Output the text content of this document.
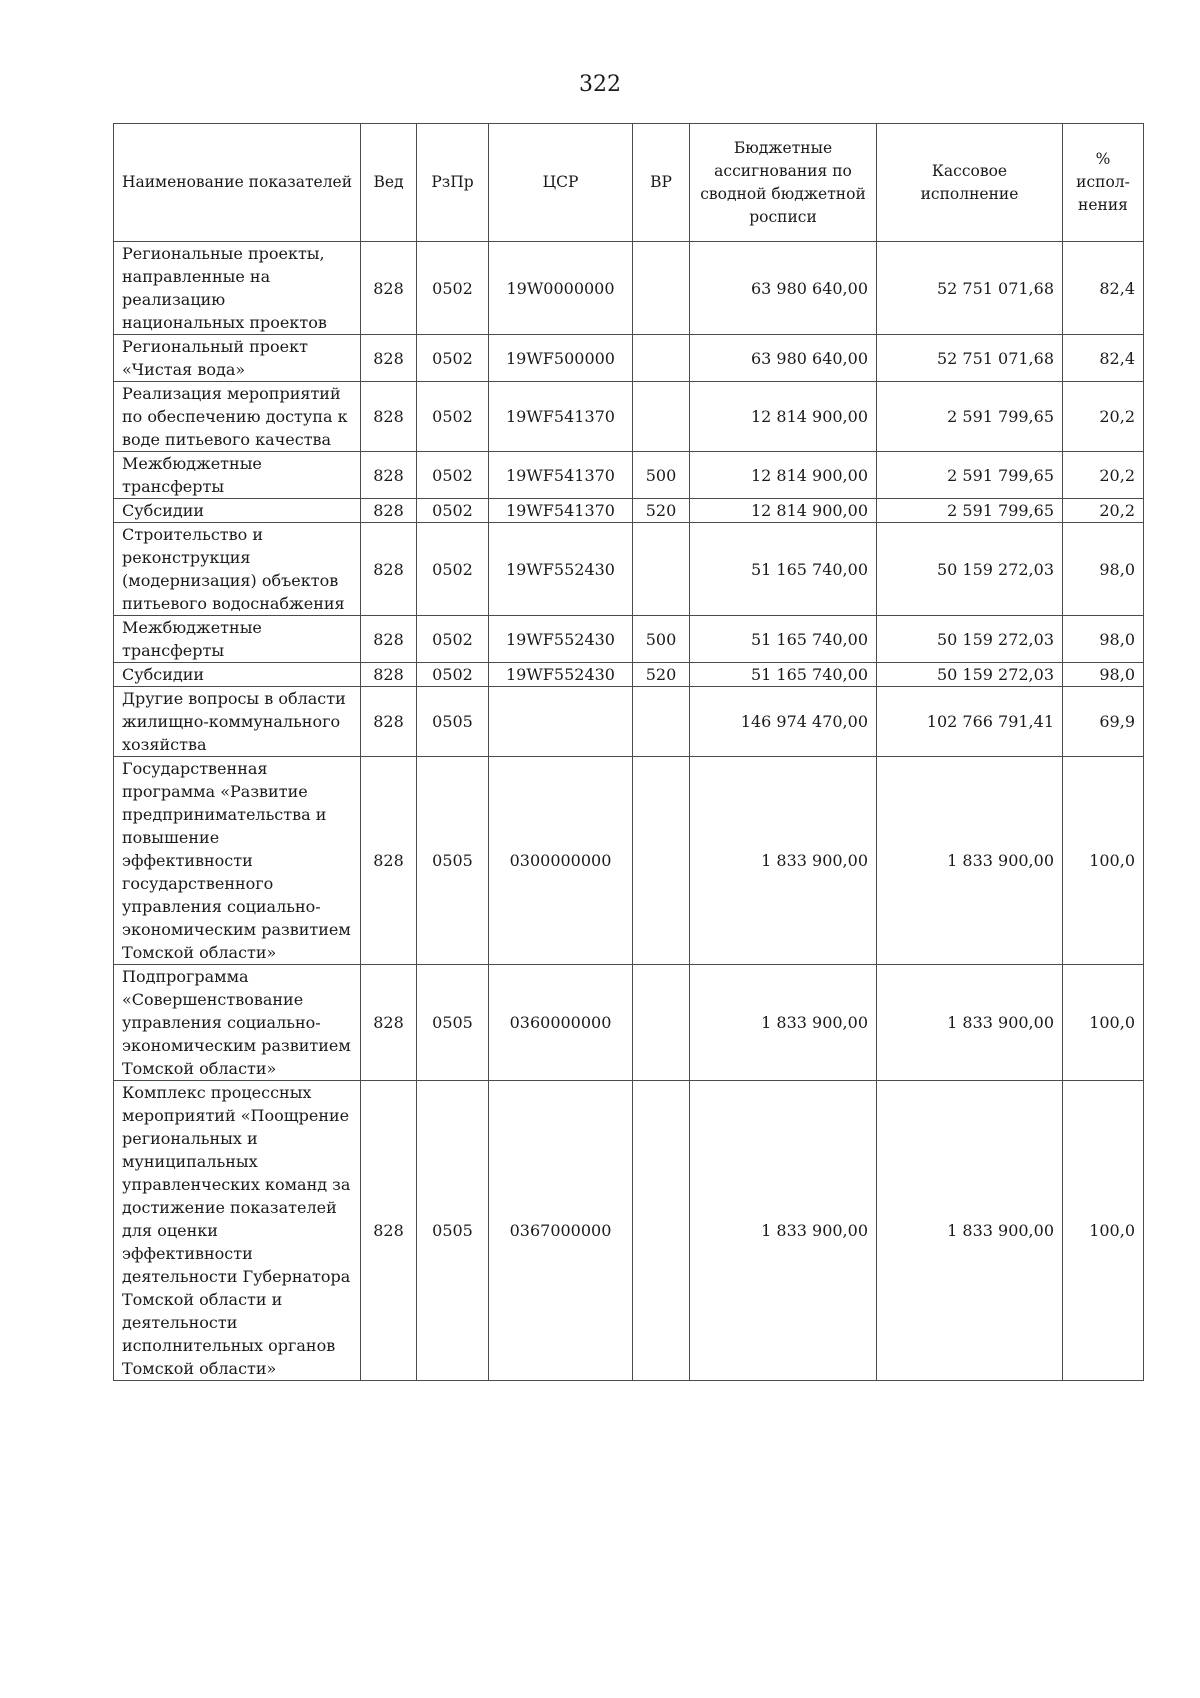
322
Наименование показателей	Вед	РзПр	ЦСР	ВР	Бюджетные ассигнования по сводной бюджетной росписи	Кассовое исполнение	% испол-нения
Региональные проекты, направленные на реализацию национальных проектов	828	0502	19W0000000		63 980 640,00	52 751 071,68	82,4
Региональный проект «Чистая вода»	828	0502	19WF500000		63 980 640,00	52 751 071,68	82,4
Реализация мероприятий по обеспечению доступа к воде питьевого качества	828	0502	19WF541370		12 814 900,00	2 591 799,65	20,2
Межбюджетные трансферты	828	0502	19WF541370	500	12 814 900,00	2 591 799,65	20,2
Субсидии	828	0502	19WF541370	520	12 814 900,00	2 591 799,65	20,2
Строительство и реконструкция (модернизация) объектов питьевого водоснабжения	828	0502	19WF552430		51 165 740,00	50 159 272,03	98,0
Межбюджетные трансферты	828	0502	19WF552430	500	51 165 740,00	50 159 272,03	98,0
Субсидии	828	0502	19WF552430	520	51 165 740,00	50 159 272,03	98,0
Другие вопросы в области жилищно-коммунального хозяйства	828	0505			146 974 470,00	102 766 791,41	69,9
Государственная программа «Развитие предпринимательства и повышение эффективности государственного управления социально-экономическим развитием Томской области»	828	0505	0300000000		1 833 900,00	1 833 900,00	100,0
Подпрограмма «Совершенствование управления социально-экономическим развитием Томской области»	828	0505	0360000000		1 833 900,00	1 833 900,00	100,0
Комплекс процессных мероприятий «Поощрение региональных и муниципальных управленческих команд за достижение показателей для оценки эффективности деятельности Губернатора Томской области и деятельности исполнительных органов Томской области»	828	0505	0367000000		1 833 900,00	1 833 900,00	100,0
